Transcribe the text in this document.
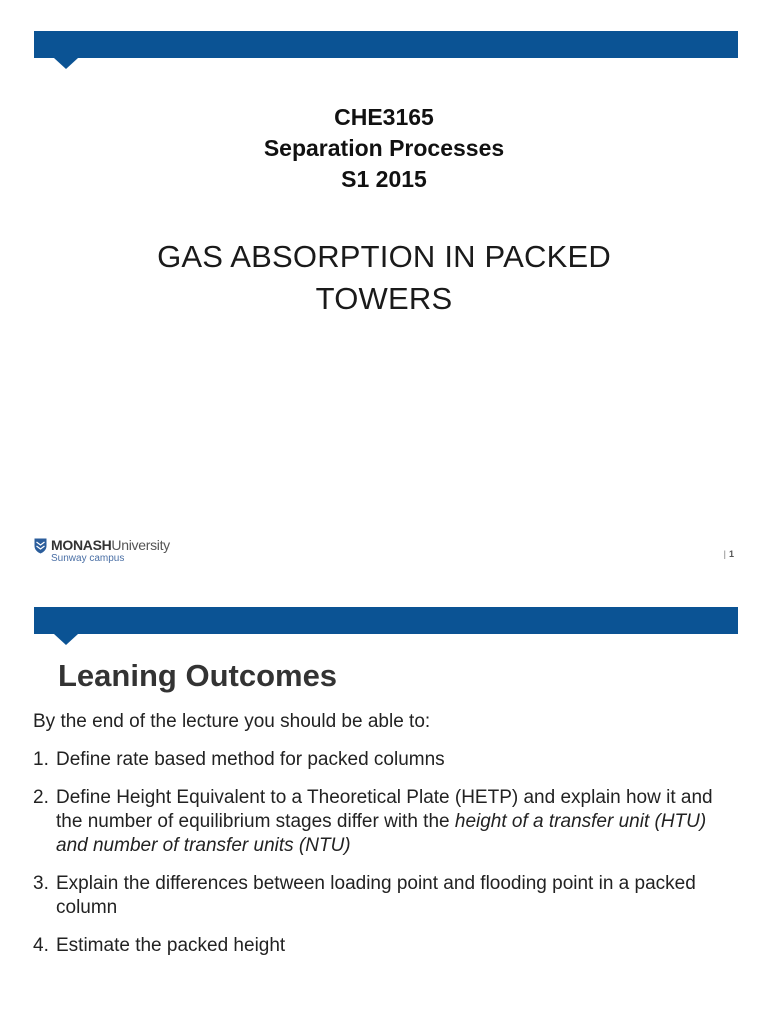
CHE3165
Separation Processes
S1 2015
GAS ABSORPTION IN PACKED
TOWERS
MONASHUniversity
Sunway campus	| 1
Leaning Outcomes
By the end of the lecture you should be able to:
1. Define rate based method for packed columns
2. Define Height Equivalent to a Theoretical Plate (HETP) and explain how it and the number of equilibrium stages differ with the height of a transfer unit (HTU) and number of transfer units (NTU)
3. Explain the differences between loading point and flooding point in a packed column
4. Estimate the packed height
